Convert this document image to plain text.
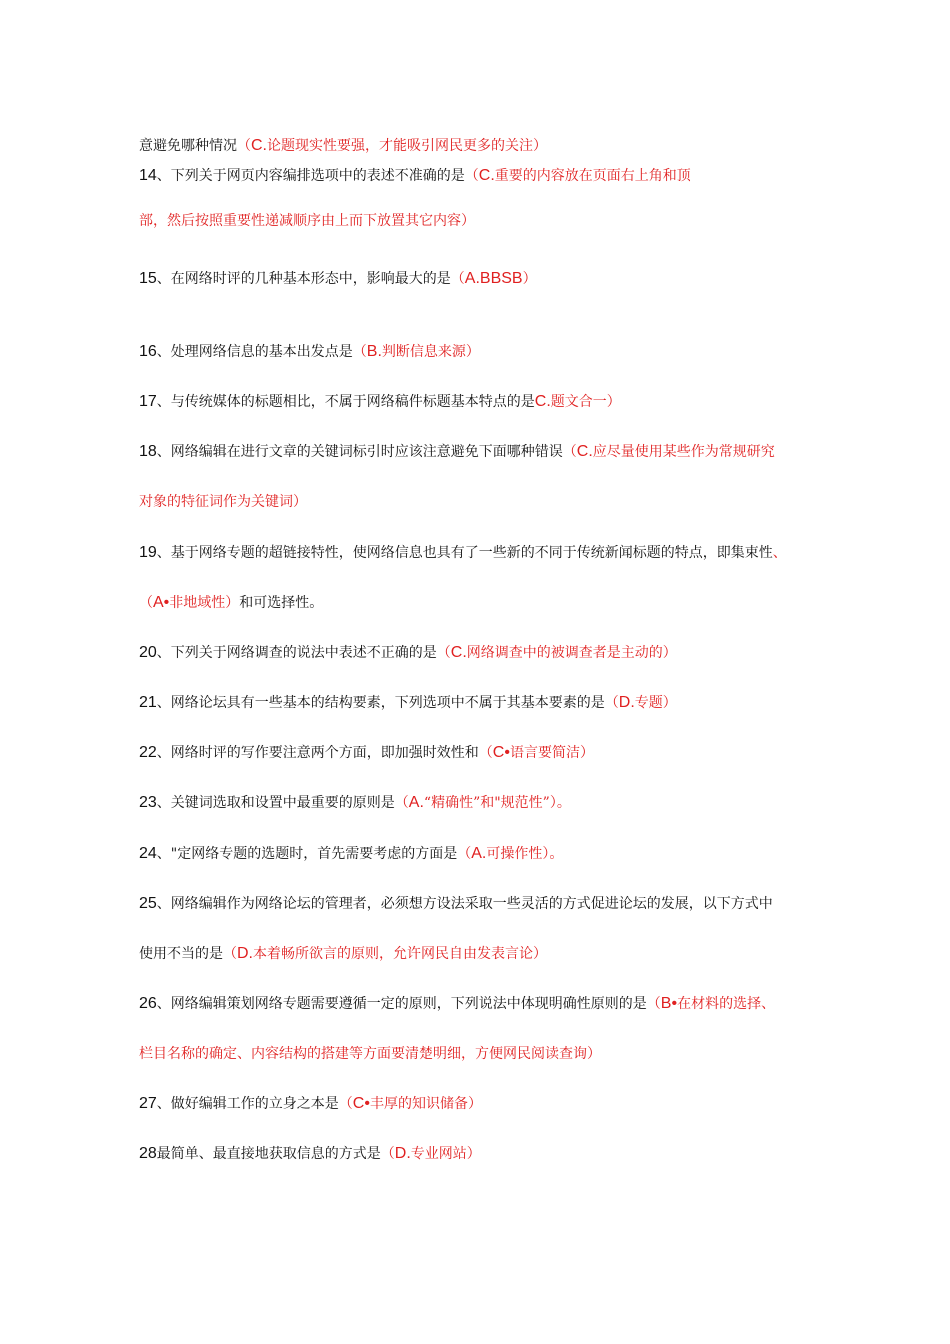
意避免哪种情况（C.论题现实性要强，才能吸引网民更多的关注）
14、下列关于网页内容编排选项中的表述不准确的是（C.重要的内容放在页面右上角和顶
部，然后按照重要性递减顺序由上而下放置其它内容）
15、在网络时评的几种基本形态中，影响最大的是（A.BBSB）
16、处理网络信息的基本出发点是（B.判断信息来源）
17、与传统媒体的标题相比，不属于网络稿件标题基本特点的是C.题文合一）
18、网络编辑在进行文章的关键词标引时应该注意避免下面哪种错误（C.应尽量使用某些作为常规研究
对象的特征词作为关键词）
19、基于网络专题的超链接特性，使网络信息也具有了一些新的不同于传统新闻标题的特点，即集束性、
（A•非地域性）和可选择性。
20、下列关于网络调查的说法中表述不正确的是（C.网络调查中的被调查者是主动的）
21、网络论坛具有一些基本的结构要素，下列选项中不属于其基本要素的是（D.专题）
22、网络时评的写作要注意两个方面，即加强时效性和（C•语言要简洁）
23、关键词选取和设置中最重要的原则是（A.“精确性”和"规范性”）。
24、"定网络专题的选题时，首先需要考虑的方面是（A.可操作性）。
25、网络编辑作为网络论坛的管理者，必须想方设法采取一些灵活的方式促进论坛的发展，以下方式中
使用不当的是（D.本着畅所欲言的原则，允许网民自由发表言论）
26、网络编辑策划网络专题需要遵循一定的原则，下列说法中体现明确性原则的是（B•在材料的选择、
栏目名称的确定、内容结构的搭建等方面要清楚明细，方便网民阅读查询）
27、做好编辑工作的立身之本是（C•丰厚的知识储备）
28最简单、最直接地获取信息的方式是（D.专业网站）
